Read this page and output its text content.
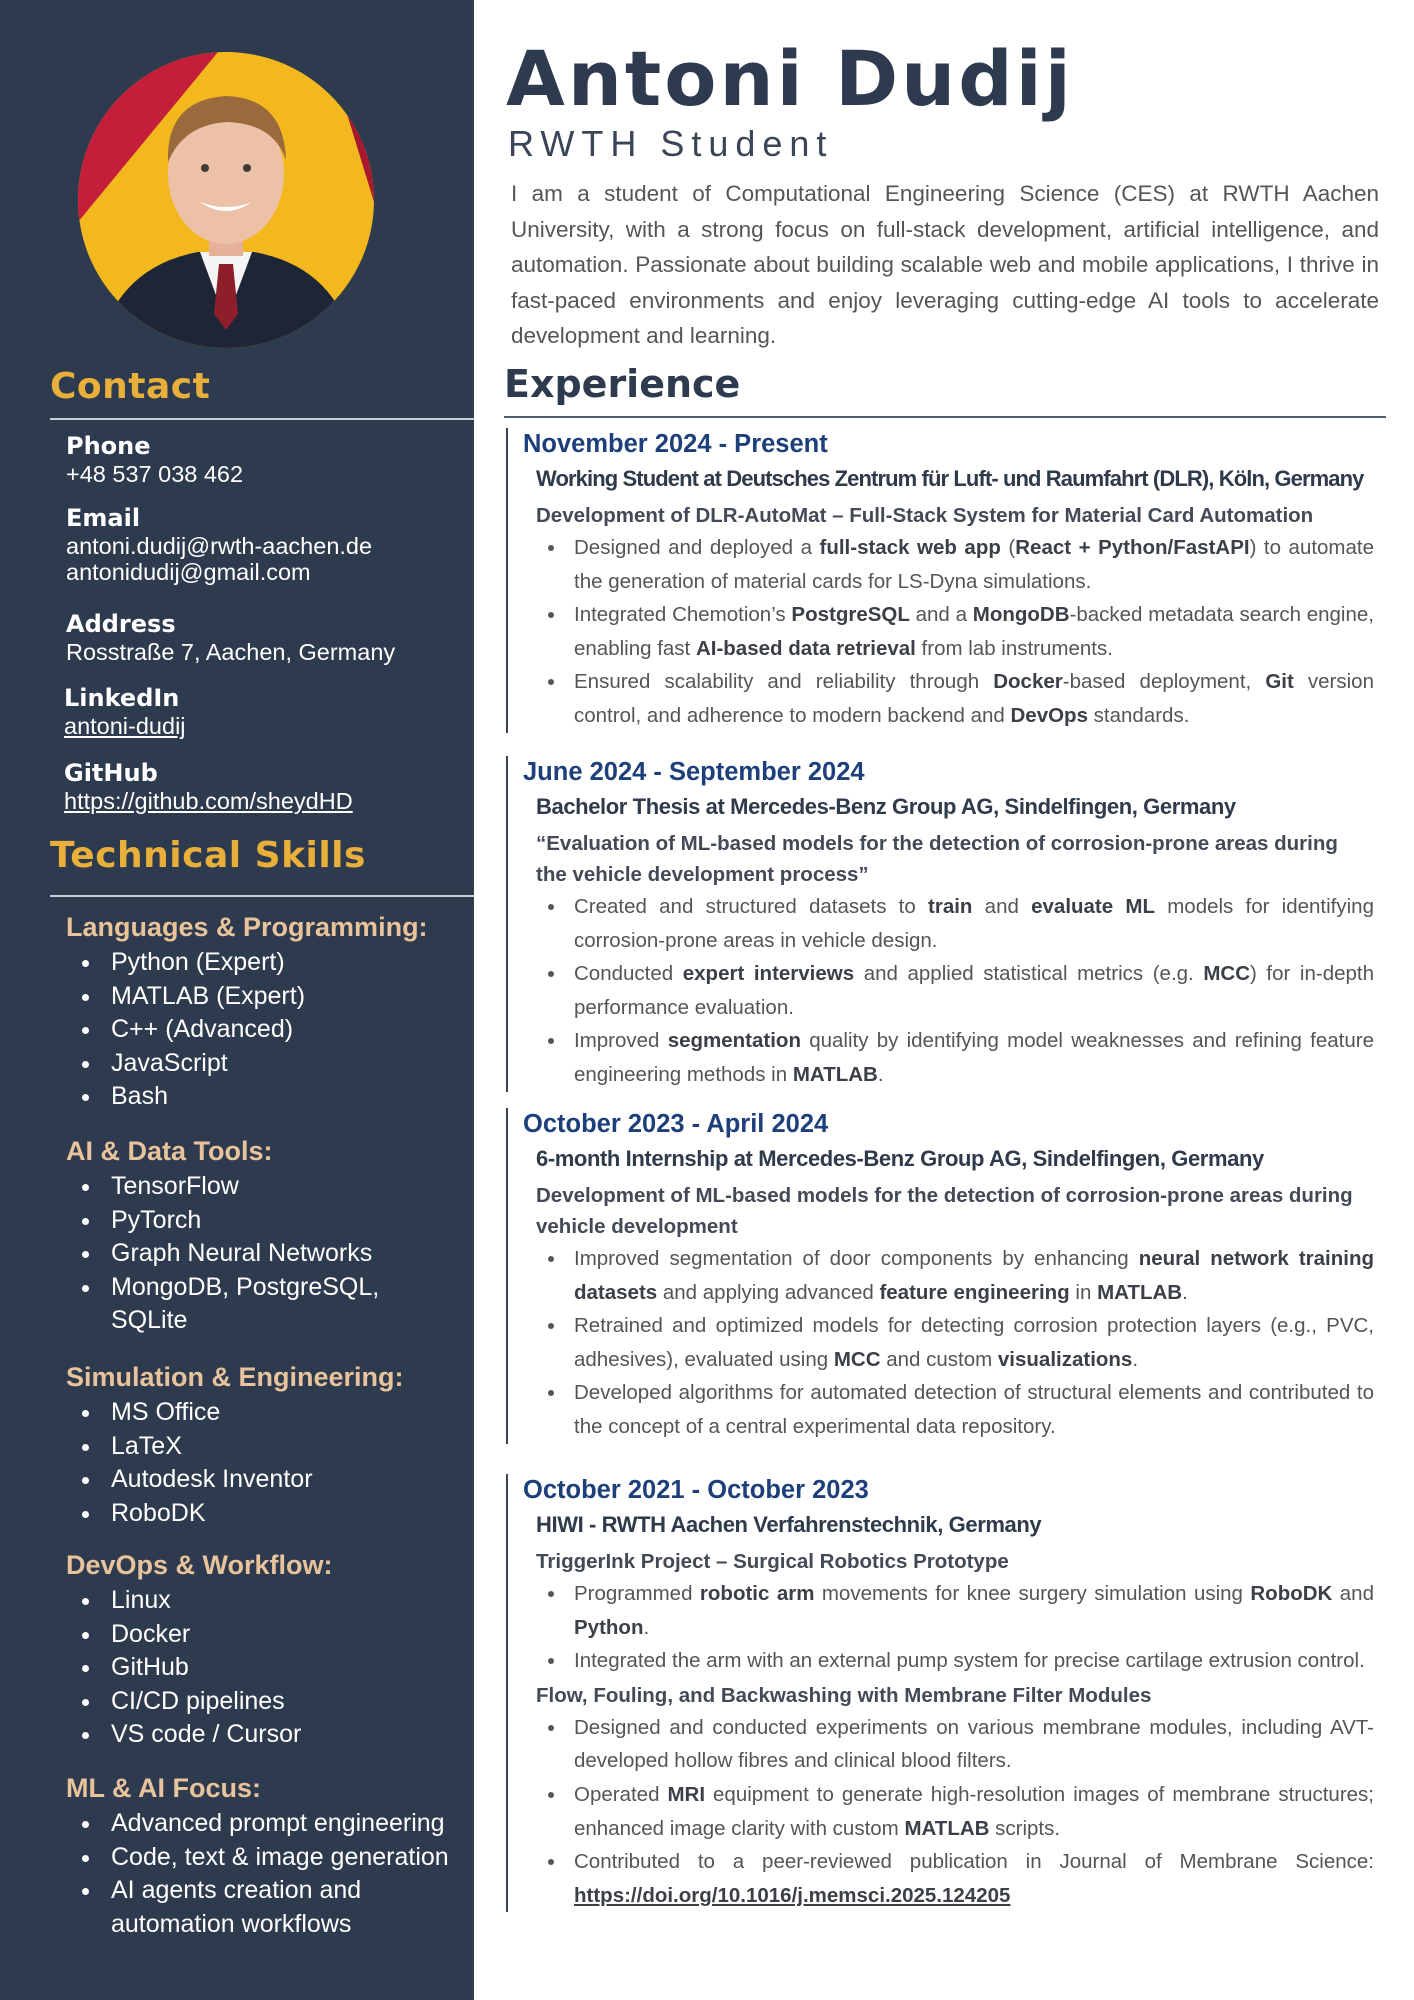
Contact
Phone
+48 537 038 462
Email
antoni.dudij@rwth-aachen.de
antonidudij@gmail.com
Address
Rosstraße 7, Aachen, Germany
LinkedIn
antoni-dudij
GitHub
https://github.com/sheydHD
Technical Skills
Languages & Programming:
Python (Expert)
MATLAB (Expert)
C++ (Advanced)
JavaScript
Bash
AI & Data Tools:
TensorFlow
PyTorch
Graph Neural Networks
MongoDB, PostgreSQL, SQLite
Simulation & Engineering:
MS Office
LaTeX
Autodesk Inventor
RoboDK
DevOps & Workflow:
Linux
Docker
GitHub
CI/CD pipelines
VS code / Cursor
ML & AI Focus:
Advanced prompt engineering
Code, text & image generation
AI agents creation and automation workflows
Antoni Dudij
RWTH Student
I am a student of Computational Engineering Science (CES) at RWTH Aachen University, with a strong focus on full-stack development, artificial intelligence, and automation. Passionate about building scalable web and mobile applications, I thrive in fast-paced environments and enjoy leveraging cutting-edge AI tools to accelerate development and learning.
Experience
November 2024 - Present
Working Student at Deutsches Zentrum für Luft- und Raumfahrt (DLR), Köln, Germany
Development of DLR-AutoMat – Full-Stack System for Material Card Automation
Designed and deployed a full-stack web app (React + Python/FastAPI) to automate the generation of material cards for LS-Dyna simulations.
Integrated Chemotion’s PostgreSQL and a MongoDB-backed metadata search engine, enabling fast AI-based data retrieval from lab instruments.
Ensured scalability and reliability through Docker-based deployment, Git version control, and adherence to modern backend and DevOps standards.
June 2024 - September 2024
Bachelor Thesis at Mercedes-Benz Group AG, Sindelfingen, Germany
“Evaluation of ML-based models for the detection of corrosion-prone areas during the vehicle development process”
Created and structured datasets to train and evaluate ML models for identifying corrosion-prone areas in vehicle design.
Conducted expert interviews and applied statistical metrics (e.g. MCC) for in-depth performance evaluation.
Improved segmentation quality by identifying model weaknesses and refining feature engineering methods in MATLAB.
October 2023 - April 2024
6-month Internship at Mercedes-Benz Group AG, Sindelfingen, Germany
Development of ML-based models for the detection of corrosion-prone areas during vehicle development
Improved segmentation of door components by enhancing neural network training datasets and applying advanced feature engineering in MATLAB.
Retrained and optimized models for detecting corrosion protection layers (e.g., PVC, adhesives), evaluated using MCC and custom visualizations.
Developed algorithms for automated detection of structural elements and contributed to the concept of a central experimental data repository.
October 2021 - October 2023
HIWI - RWTH Aachen Verfahrenstechnik, Germany
TriggerInk Project – Surgical Robotics Prototype
Programmed robotic arm movements for knee surgery simulation using RoboDK and Python.
Integrated the arm with an external pump system for precise cartilage extrusion control.
Flow, Fouling, and Backwashing with Membrane Filter Modules
Designed and conducted experiments on various membrane modules, including AVT-developed hollow fibres and clinical blood filters.
Operated MRI equipment to generate high-resolution images of membrane structures; enhanced image clarity with custom MATLAB scripts.
Contributed to a peer-reviewed publication in Journal of Membrane Science: https://doi.org/10.1016/j.memsci.2025.124205
